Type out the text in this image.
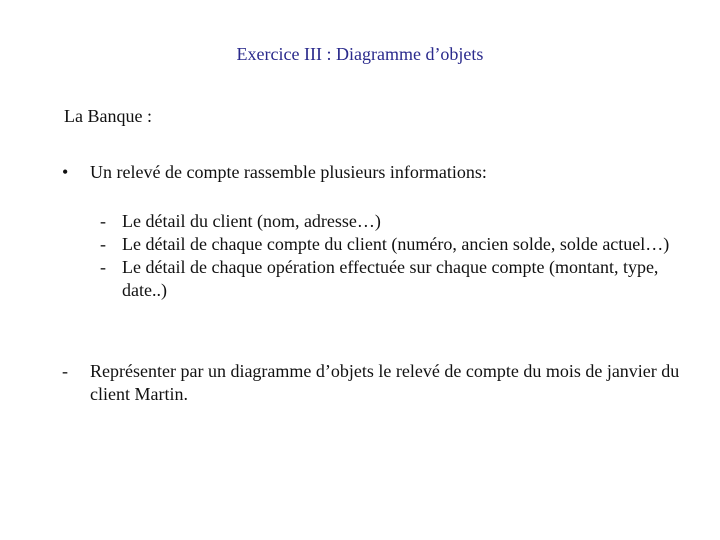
Exercice III : Diagramme d’objets
La Banque :
•	Un relevé de compte rassemble plusieurs informations:
- Le détail du client (nom, adresse…)
- Le détail de chaque compte du client (numéro, ancien solde, solde actuel…)
- Le détail de chaque opération effectuée sur chaque compte (montant, type, date..)
-	Représenter par un diagramme d’objets le relevé de compte du mois de janvier du client Martin.
